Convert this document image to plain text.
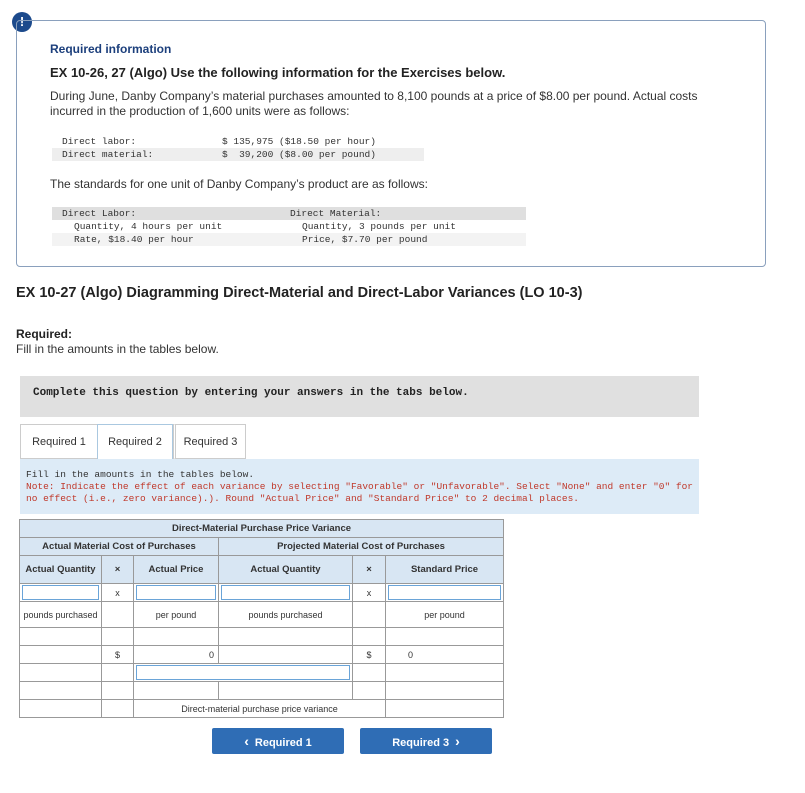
!
Required information
EX 10-26, 27 (Algo) Use the following information for the Exercises below.
During June, Danby Company’s material purchases amounted to 8,100 pounds at a price of $8.00 per pound. Actual costs incurred in the production of 1,600 units were as follows:
Direct labor:	$ 135,975 ($18.50 per hour)
Direct material:	$  39,200 ($8.00 per pound)
The standards for one unit of Danby Company’s product are as follows:
Direct Labor:	Direct Material:
Quantity, 4 hours per unit	Quantity, 3 pounds per unit
Rate, $18.40 per hour	Price, $7.70 per pound
EX 10-27 (Algo) Diagramming Direct-Material and Direct-Labor Variances (LO 10-3)
Required:
Fill in the amounts in the tables below.
Complete this question by entering your answers in the tabs below.
Required 1	Required 2	Required 3
Fill in the amounts in the tables below.
Note: Indicate the effect of each variance by selecting "Favorable" or "Unfavorable". Select "None" and enter "0" for no effect (i.e., zero variance).). Round "Actual Price" and "Standard Price" to 2 decimal places.
Direct-Material Purchase Price Variance					
Actual Material Cost of Purchases			Projected Material Cost of Purchases		
Actual Quantity	×	Actual Price	Actual Quantity	×	Standard Price

	x			x	

pounds purchased		per pound	pounds purchased		per pound

	$	0		$	0

		Direct-material purchase price variance			
‹ Required 1	Required 3 ›
